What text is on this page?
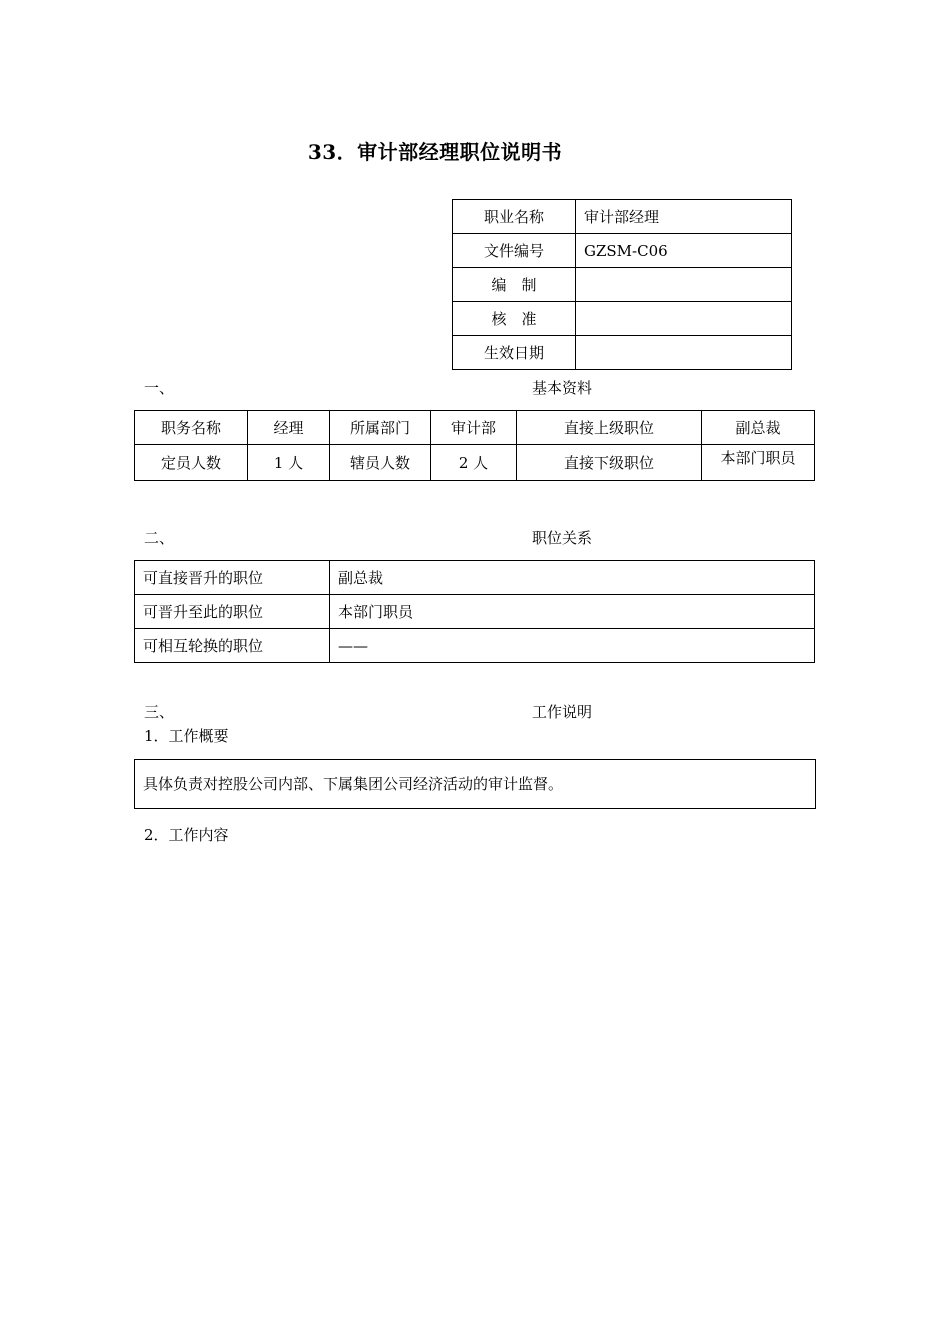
33．审计部经理职位说明书
职业名称	审计部经理
文件编号	GZSM-C06
编　制	
核　准	
生效日期	
一、	基本资料
职务名称	经理	所属部门	审计部	直接上级职位	副总裁
定员人数	1 人	辖员人数	2 人	直接下级职位	本部门职员
二、	职位关系
可直接晋升的职位	副总裁
可晋升至此的职位	本部门职员
可相互轮换的职位	——
三、	工作说明
1．工作概要
具体负责对控股公司内部、下属集团公司经济活动的审计监督。
2．工作内容
